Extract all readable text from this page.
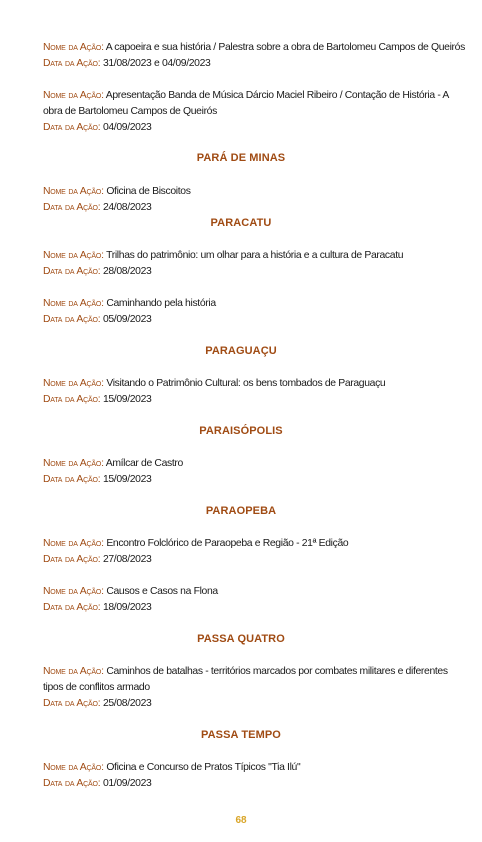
Nome da Ação: A capoeira e sua história / Palestra sobre a obra de Bartolomeu Campos de Queirós
Data da Ação: 31/08/2023 e 04/09/2023
Nome da Ação: Apresentação Banda de Música Dárcio Maciel Ribeiro / Contação de História - A
obra de Bartolomeu Campos de Queirós
Data da Ação: 04/09/2023
PARÁ DE MINAS
Nome da Ação: Oficina de Biscoitos
Data da Ação: 24/08/2023
PARACATU
Nome da Ação: Trilhas do patrimônio: um olhar para a história e a cultura de Paracatu
Data da Ação: 28/08/2023
Nome da Ação: Caminhando pela história
Data da Ação: 05/09/2023
PARAGUAÇU
Nome da Ação: Visitando o Patrimônio Cultural: os bens tombados de Paraguaçu
Data da Ação: 15/09/2023
PARAISÓPOLIS
Nome da Ação: Amílcar de Castro
Data da Ação: 15/09/2023
PARAOPEBA
Nome da Ação: Encontro Folclórico de Paraopeba e Região - 21ª Edição
Data da Ação: 27/08/2023
Nome da Ação: Causos e Casos na Flona
Data da Ação: 18/09/2023
PASSA QUATRO
Nome da Ação: Caminhos de batalhas - territórios marcados por combates militares e diferentes
tipos de conflitos armado
Data da Ação: 25/08/2023
PASSA TEMPO
Nome da Ação: Oficina e Concurso de Pratos Típicos "Tia Ilú"
Data da Ação: 01/09/2023
68
